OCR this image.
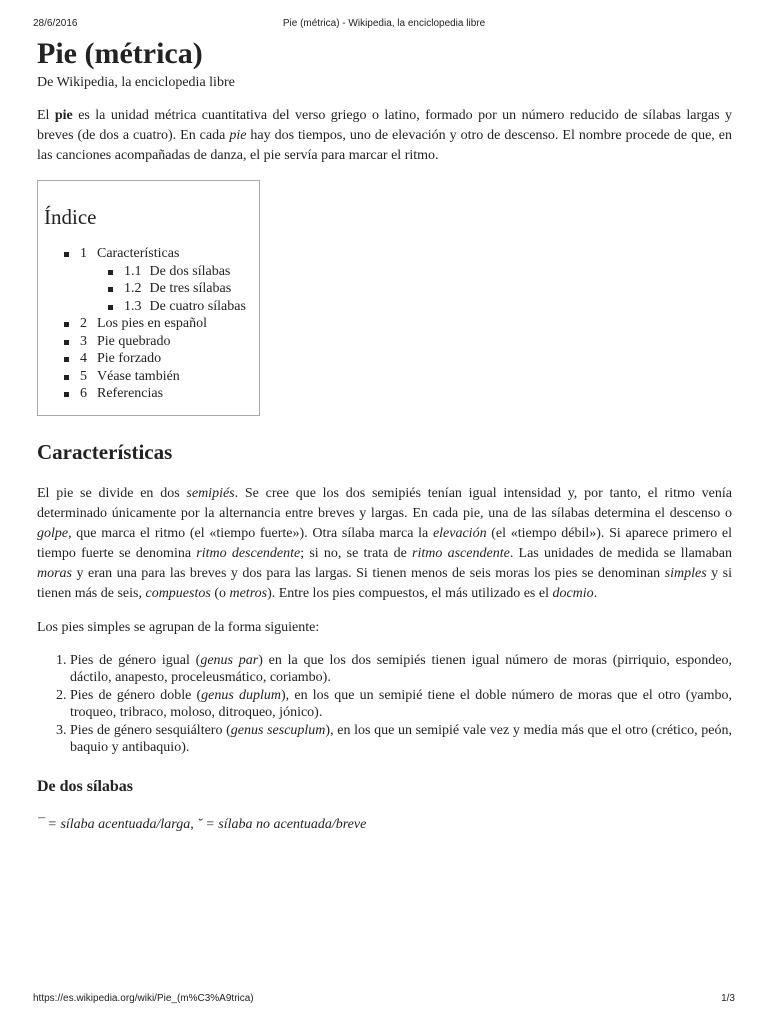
28/6/2016	Pie (métrica) - Wikipedia, la enciclopedia libre
Pie (métrica)
De Wikipedia, la enciclopedia libre

El pie es la unidad métrica cuantitativa del verso griego o latino, formado por un número reducido de sílabas largas y breves (de dos a cuatro). En cada pie hay dos tiempos, uno de elevación y otro de descenso. El nombre procede de que, en las canciones acompañadas de danza, el pie servía para marcar el ritmo.

Índice
1 Características
1.1 De dos sílabas
1.2 De tres sílabas
1.3 De cuatro sílabas
2 Los pies en español
3 Pie quebrado
4 Pie forzado
5 Véase también
6 Referencias
Características

El pie se divide en dos semipiés. Se cree que los dos semipiés tenían igual intensidad y, por tanto, el ritmo venía determinado únicamente por la alternancia entre breves y largas. En cada pie, una de las sílabas determina el descenso o golpe, que marca el ritmo (el «tiempo fuerte»). Otra sílaba marca la elevación (el «tiempo débil»). Si aparece primero el tiempo fuerte se denomina ritmo descendente; si no, se trata de ritmo ascendente. Las unidades de medida se llamaban moras y eran una para las breves y dos para las largas. Si tienen menos de seis moras los pies se denominan simples y si tienen más de seis, compuestos (o metros). Entre los pies compuestos, el más utilizado es el docmio.

Los pies simples se agrupan de la forma siguiente:

1. Pies de género igual (genus par) en la que los dos semipiés tienen igual número de moras (pirriquio, espondeo, dáctilo, anapesto, proceleusmático, coriambo).
2. Pies de género doble (genus duplum), en los que un semipié tiene el doble número de moras que el otro (yambo, troqueo, tribraco, moloso, ditroqueo, jónico).
3. Pies de género sesquiáltero (genus sescuplum), en los que un semipié vale vez y media más que el otro (crético, peón, baquio y antibaquio).
De dos sílabas
¯ = sílaba acentuada/larga, ˘ = sílaba no acentuada/breve
https://es.wikipedia.org/wiki/Pie_(m%C3%A9trica)	1/3
